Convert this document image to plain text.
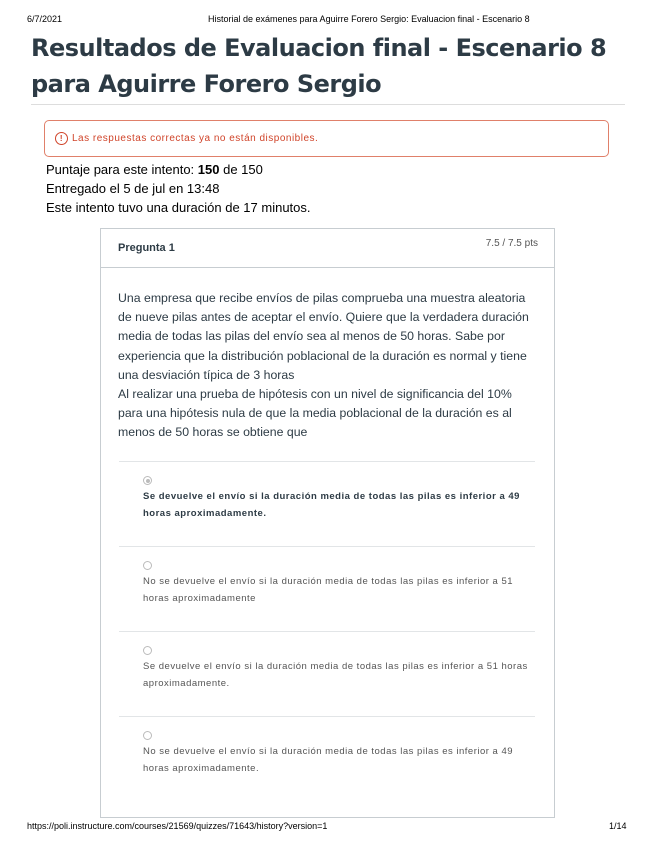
6/7/2021	Historial de exámenes para Aguirre Forero Sergio: Evaluacion final - Escenario 8
Resultados de Evaluacion final - Escenario 8 para Aguirre Forero Sergio
! Las respuestas correctas ya no están disponibles.
Puntaje para este intento: 150 de 150
Entregado el 5 de jul en 13:48
Este intento tuvo una duración de 17 minutos.
Pregunta 1	7.5 / 7.5 pts
Una empresa que recibe envíos de pilas comprueba una muestra aleatoria de nueve pilas antes de aceptar el envío. Quiere que la verdadera duración media de todas las pilas del envío sea al menos de 50 horas. Sabe por experiencia que la distribución poblacional de la duración es normal y tiene una desviación típica de 3 horas
Al realizar una prueba de hipótesis con un nivel de significancia del 10% para una hipótesis nula de que la media poblacional de la duración es al menos de 50 horas se obtiene que
Se devuelve el envío si la duración media de todas las pilas es inferior a 49 horas aproximadamente.
No se devuelve el envío si la duración media de todas las pilas es inferior a 51 horas aproximadamente
Se devuelve el envío si la duración media de todas las pilas es inferior a 51 horas aproximadamente.
No se devuelve el envío si la duración media de todas las pilas es inferior a 49 horas aproximadamente.
https://poli.instructure.com/courses/21569/quizzes/71643/history?version=1	1/14
